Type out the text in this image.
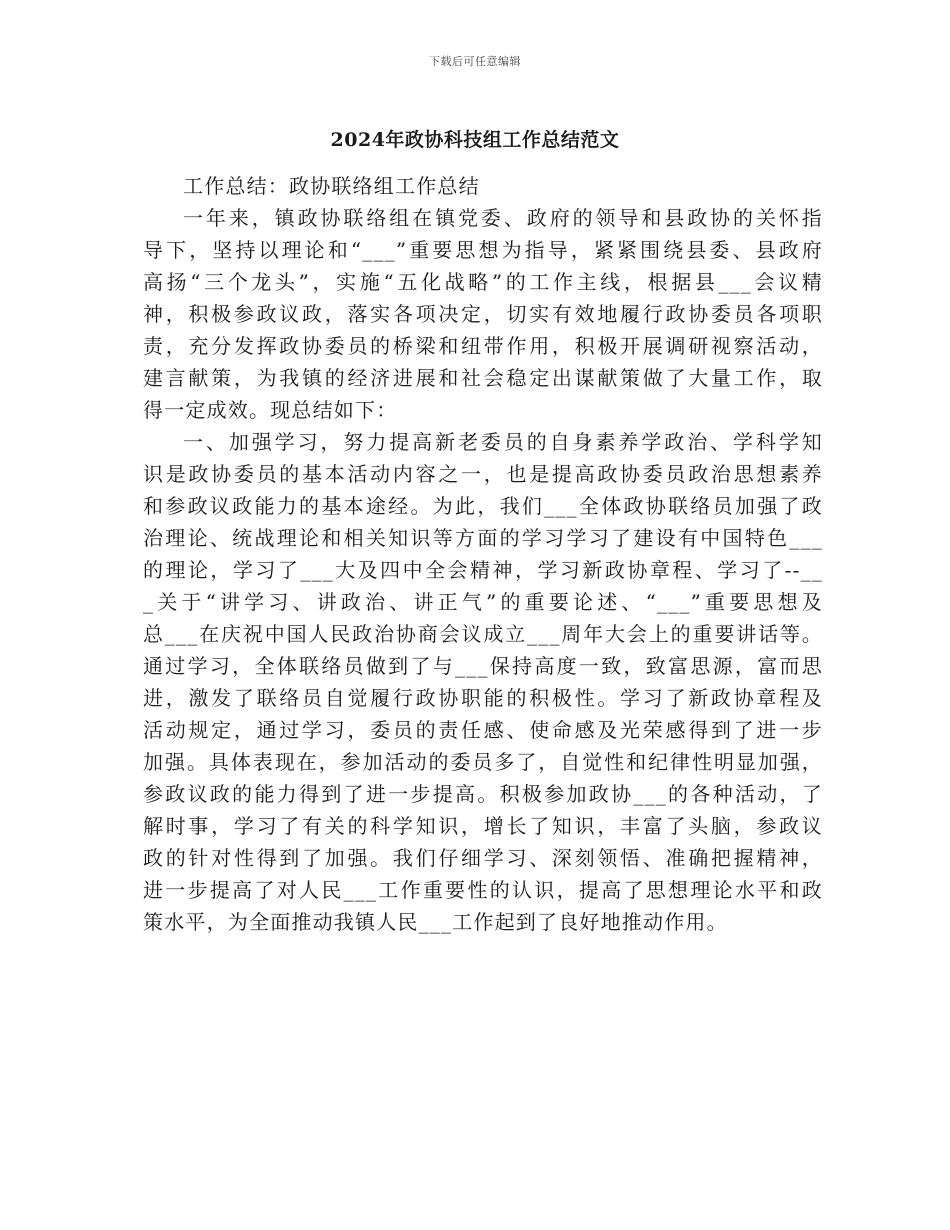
下载后可任意编辑
2024年政协科技组工作总结范文
工作总结：政协联络组工作总结
一年来，镇政协联络组在镇党委、政府的领导和县政协的关怀指
导下，坚持以理论和“___”重要思想为指导，紧紧围绕县委、县政府
高扬“三个龙头”，实施“五化战略”的工作主线，根据县___会议精
神，积极参政议政，落实各项决定，切实有效地履行政协委员各项职
责，充分发挥政协委员的桥梁和纽带作用，积极开展调研视察活动，
建言献策，为我镇的经济进展和社会稳定出谋献策做了大量工作，取
得一定成效。现总结如下：
一、加强学习，努力提高新老委员的自身素养学政治、学科学知
识是政协委员的基本活动内容之一，也是提高政协委员政治思想素养
和参政议政能力的基本途经。为此，我们___全体政协联络员加强了政
治理论、统战理论和相关知识等方面的学习学习了建设有中国特色___
的理论，学习了___大及四中全会精神，学习新政协章程、学习了--__
_关于“讲学习、讲政治、讲正气”的重要论述、“___”重要思想及
总___在庆祝中国人民政治协商会议成立___周年大会上的重要讲话等。
通过学习，全体联络员做到了与___保持高度一致，致富思源，富而思
进，激发了联络员自觉履行政协职能的积极性。学习了新政协章程及
活动规定，通过学习，委员的责任感、使命感及光荣感得到了进一步
加强。具体表现在，参加活动的委员多了，自觉性和纪律性明显加强，
参政议政的能力得到了进一步提高。积极参加政协___的各种活动，了
解时事，学习了有关的科学知识，增长了知识，丰富了头脑，参政议
政的针对性得到了加强。我们仔细学习、深刻领悟、准确把握精神，
进一步提高了对人民___工作重要性的认识，提高了思想理论水平和政
策水平，为全面推动我镇人民___工作起到了良好地推动作用。
